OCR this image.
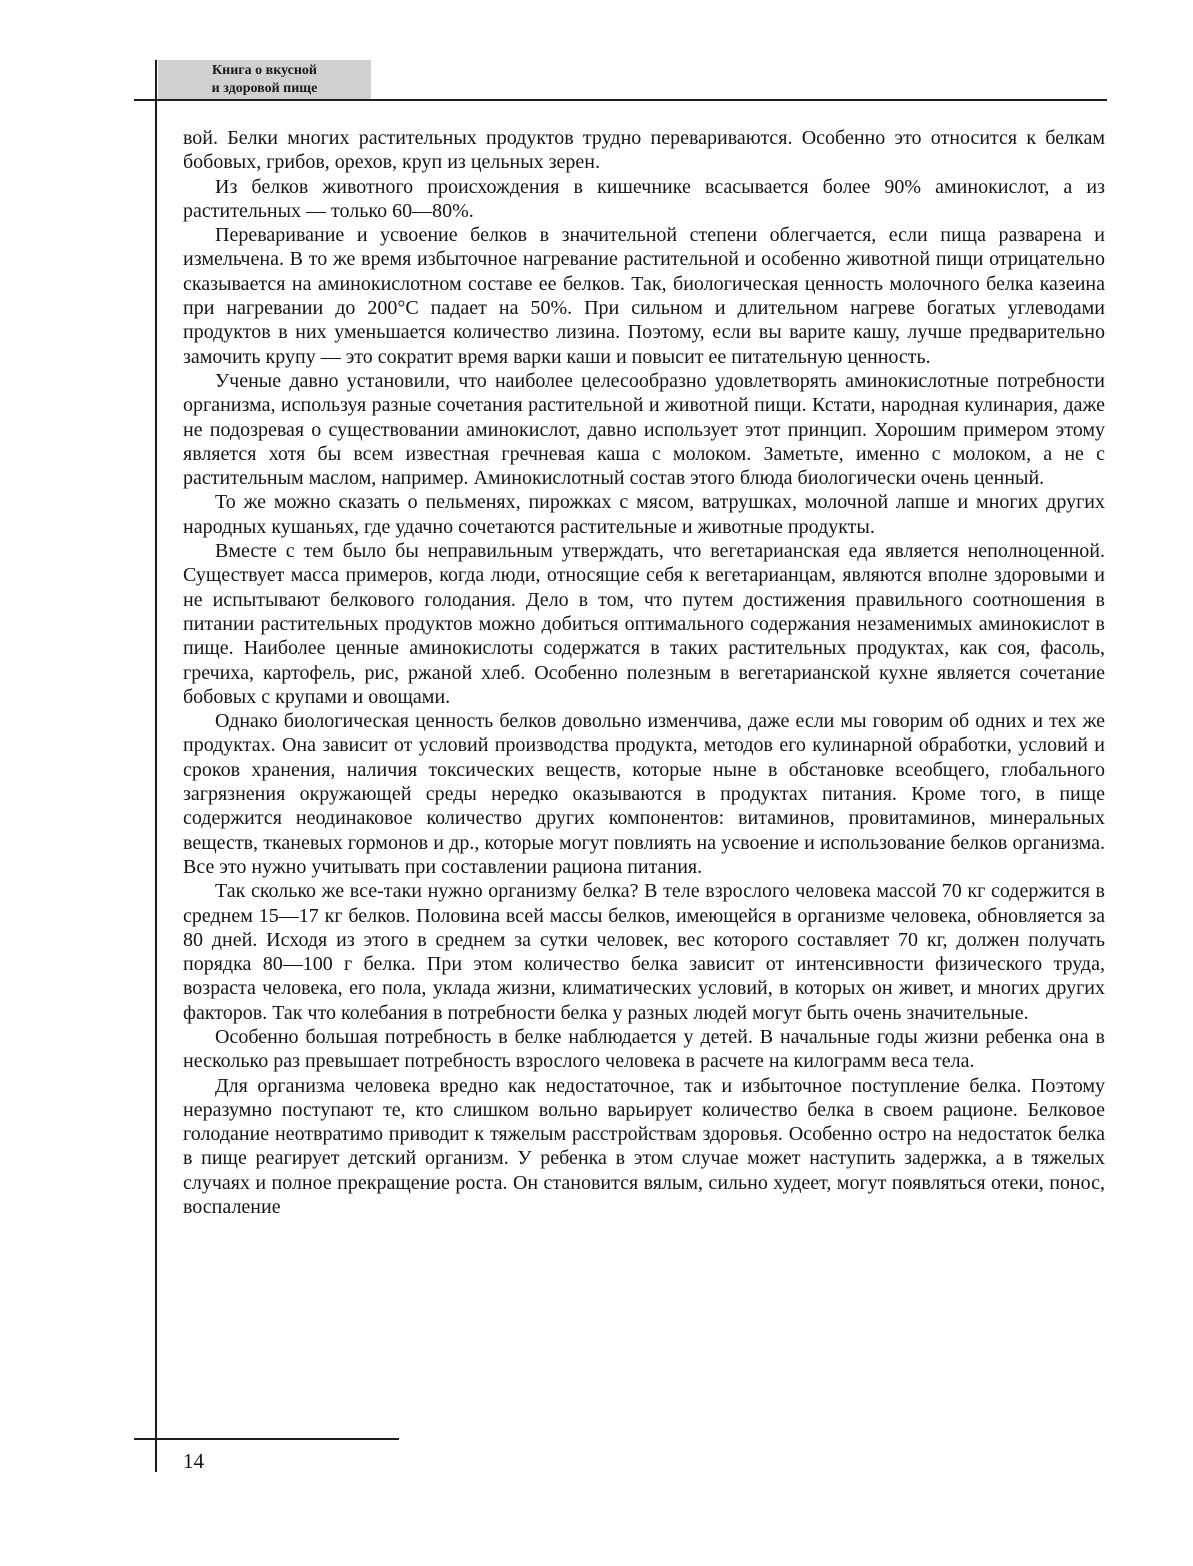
Книга о вкусной
и здоровой пище

вой. Белки многих растительных продуктов трудно перевариваются. Особенно это относится к белкам бобовых, грибов, орехов, круп из цельных зерен.

Из белков животного происхождения в кишечнике всасывается более 90% аминокислот, а из растительных — только 60—80%.

Переваривание и усвоение белков в значительной степени облегчается, если пища разварена и измельчена. В то же время избыточное нагревание растительной и особенно животной пищи отрицательно сказывается на аминокислотном составе ее белков. Так, биологическая ценность молочного белка казеина при нагревании до 200°С падает на 50%. При сильном и длительном нагреве богатых углеводами продуктов в них уменьшается количество лизина. Поэтому, если вы варите кашу, лучше предварительно замочить крупу — это сократит время варки каши и повысит ее питательную ценность.

Ученые давно установили, что наиболее целесообразно удовлетворять аминокислотные потребности организма, используя разные сочетания растительной и животной пищи. Кстати, народная кулинария, даже не подозревая о существовании аминокислот, давно использует этот принцип. Хорошим примером этому является хотя бы всем известная гречневая каша с молоком. Заметьте, именно с молоком, а не с растительным маслом, например. Аминокислотный состав этого блюда биологически очень ценный.

То же можно сказать о пельменях, пирожках с мясом, ватрушках, молочной лапше и многих других народных кушаньях, где удачно сочетаются растительные и животные продукты.

Вместе с тем было бы неправильным утверждать, что вегетарианская еда является неполноценной. Существует масса примеров, когда люди, относящие себя к вегетарианцам, являются вполне здоровыми и не испытывают белкового голодания. Дело в том, что путем достижения правильного соотношения в питании растительных продуктов можно добиться оптимального содержания незаменимых аминокислот в пище. Наиболее ценные аминокислоты содержатся в таких растительных продуктах, как соя, фасоль, гречиха, картофель, рис, ржаной хлеб. Особенно полезным в вегетарианской кухне является сочетание бобовых с крупами и овощами.

Однако биологическая ценность белков довольно изменчива, даже если мы говорим об одних и тех же продуктах. Она зависит от условий производства продукта, методов его кулинарной обработки, условий и сроков хранения, наличия токсических веществ, которые ныне в обстановке всеобщего, глобального загрязнения окружающей среды нередко оказываются в продуктах питания. Кроме того, в пище содержится неодинаковое количество других компонентов: витаминов, провитаминов, минеральных веществ, тканевых гормонов и др., которые могут повлиять на усвоение и использование белков организма. Все это нужно учитывать при составлении рациона питания.

Так сколько же все-таки нужно организму белка? В теле взрослого человека массой 70 кг содержится в среднем 15—17 кг белков. Половина всей массы белков, имеющейся в организме человека, обновляется за 80 дней. Исходя из этого в среднем за сутки человек, вес которого составляет 70 кг, должен получать порядка 80—100 г белка. При этом количество белка зависит от интенсивности физического труда, возраста человека, его пола, уклада жизни, климатических условий, в которых он живет, и многих других факторов. Так что колебания в потребности белка у разных людей могут быть очень значительные.

Особенно большая потребность в белке наблюдается у детей. В начальные годы жизни ребенка она в несколько раз превышает потребность взрослого человека в расчете на килограмм веса тела.

Для организма человека вредно как недостаточное, так и избыточное поступление белка. Поэтому неразумно поступают те, кто слишком вольно варьирует количество белка в своем рационе. Белковое голодание неотвратимо приводит к тяжелым расстройствам здоровья. Особенно остро на недостаток белка в пище реагирует детский организм. У ребенка в этом случае может наступить задержка, а в тяжелых случаях и полное прекращение роста. Он становится вялым, сильно худеет, могут появляться отеки, понос, воспаление

14
